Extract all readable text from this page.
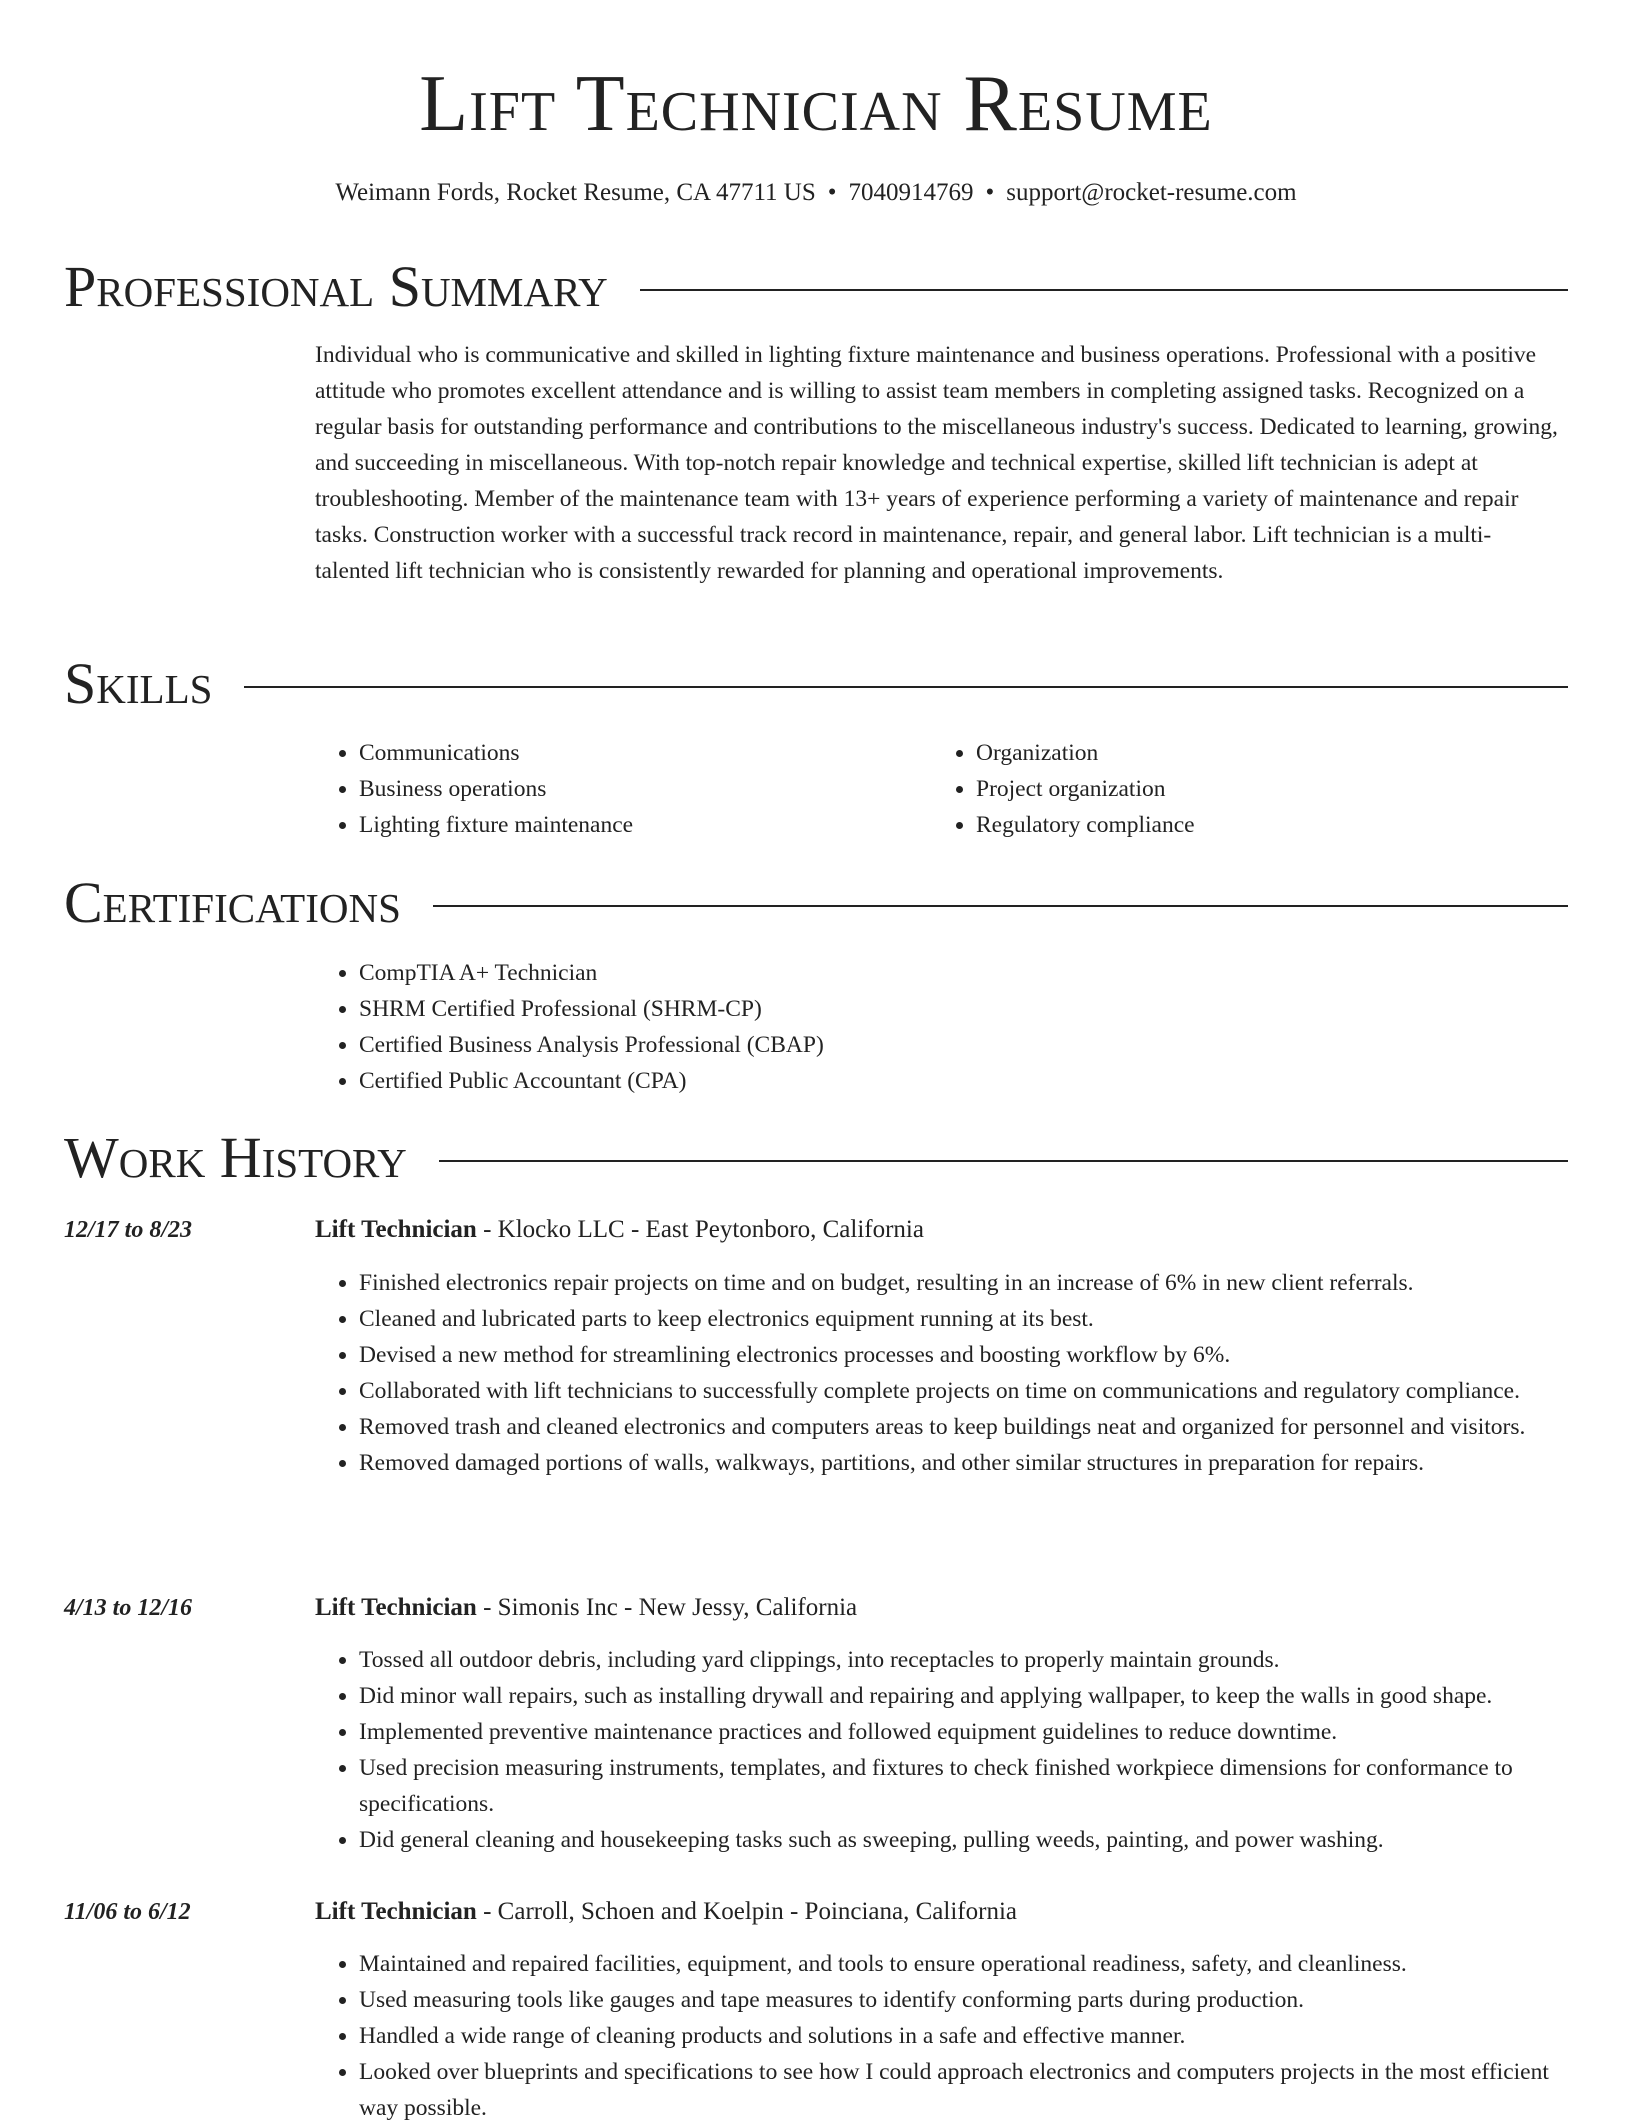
Lift Technician Resume
Weimann Fords, Rocket Resume, CA 47711 US • 7040914769 • support@rocket-resume.com
Professional Summary
Individual who is communicative and skilled in lighting fixture maintenance and business operations. Professional with a positive attitude who promotes excellent attendance and is willing to assist team members in completing assigned tasks. Recognized on a regular basis for outstanding performance and contributions to the miscellaneous industry's success. Dedicated to learning, growing, and succeeding in miscellaneous. With top-notch repair knowledge and technical expertise, skilled lift technician is adept at troubleshooting. Member of the maintenance team with 13+ years of experience performing a variety of maintenance and repair tasks. Construction worker with a successful track record in maintenance, repair, and general labor. Lift technician is a multi-talented lift technician who is consistently rewarded for planning and operational improvements.
Skills
• Communications
• Business operations
• Lighting fixture maintenance
• Organization
• Project organization
• Regulatory compliance
Certifications
• CompTIA A+ Technician
• SHRM Certified Professional (SHRM-CP)
• Certified Business Analysis Professional (CBAP)
• Certified Public Accountant (CPA)
Work History
12/17 to 8/23	Lift Technician - Klocko LLC - East Peytonboro, California
• Finished electronics repair projects on time and on budget, resulting in an increase of 6% in new client referrals.
• Cleaned and lubricated parts to keep electronics equipment running at its best.
• Devised a new method for streamlining electronics processes and boosting workflow by 6%.
• Collaborated with lift technicians to successfully complete projects on time on communications and regulatory compliance.
• Removed trash and cleaned electronics and computers areas to keep buildings neat and organized for personnel and visitors.
• Removed damaged portions of walls, walkways, partitions, and other similar structures in preparation for repairs.
4/13 to 12/16	Lift Technician - Simonis Inc - New Jessy, California
• Tossed all outdoor debris, including yard clippings, into receptacles to properly maintain grounds.
• Did minor wall repairs, such as installing drywall and repairing and applying wallpaper, to keep the walls in good shape.
• Implemented preventive maintenance practices and followed equipment guidelines to reduce downtime.
• Used precision measuring instruments, templates, and fixtures to check finished workpiece dimensions for conformance to specifications.
• Did general cleaning and housekeeping tasks such as sweeping, pulling weeds, painting, and power washing.
11/06 to 6/12	Lift Technician - Carroll, Schoen and Koelpin - Poinciana, California
• Maintained and repaired facilities, equipment, and tools to ensure operational readiness, safety, and cleanliness.
• Used measuring tools like gauges and tape measures to identify conforming parts during production.
• Handled a wide range of cleaning products and solutions in a safe and effective manner.
• Looked over blueprints and specifications to see how I could approach electronics and computers projects in the most efficient way possible.
